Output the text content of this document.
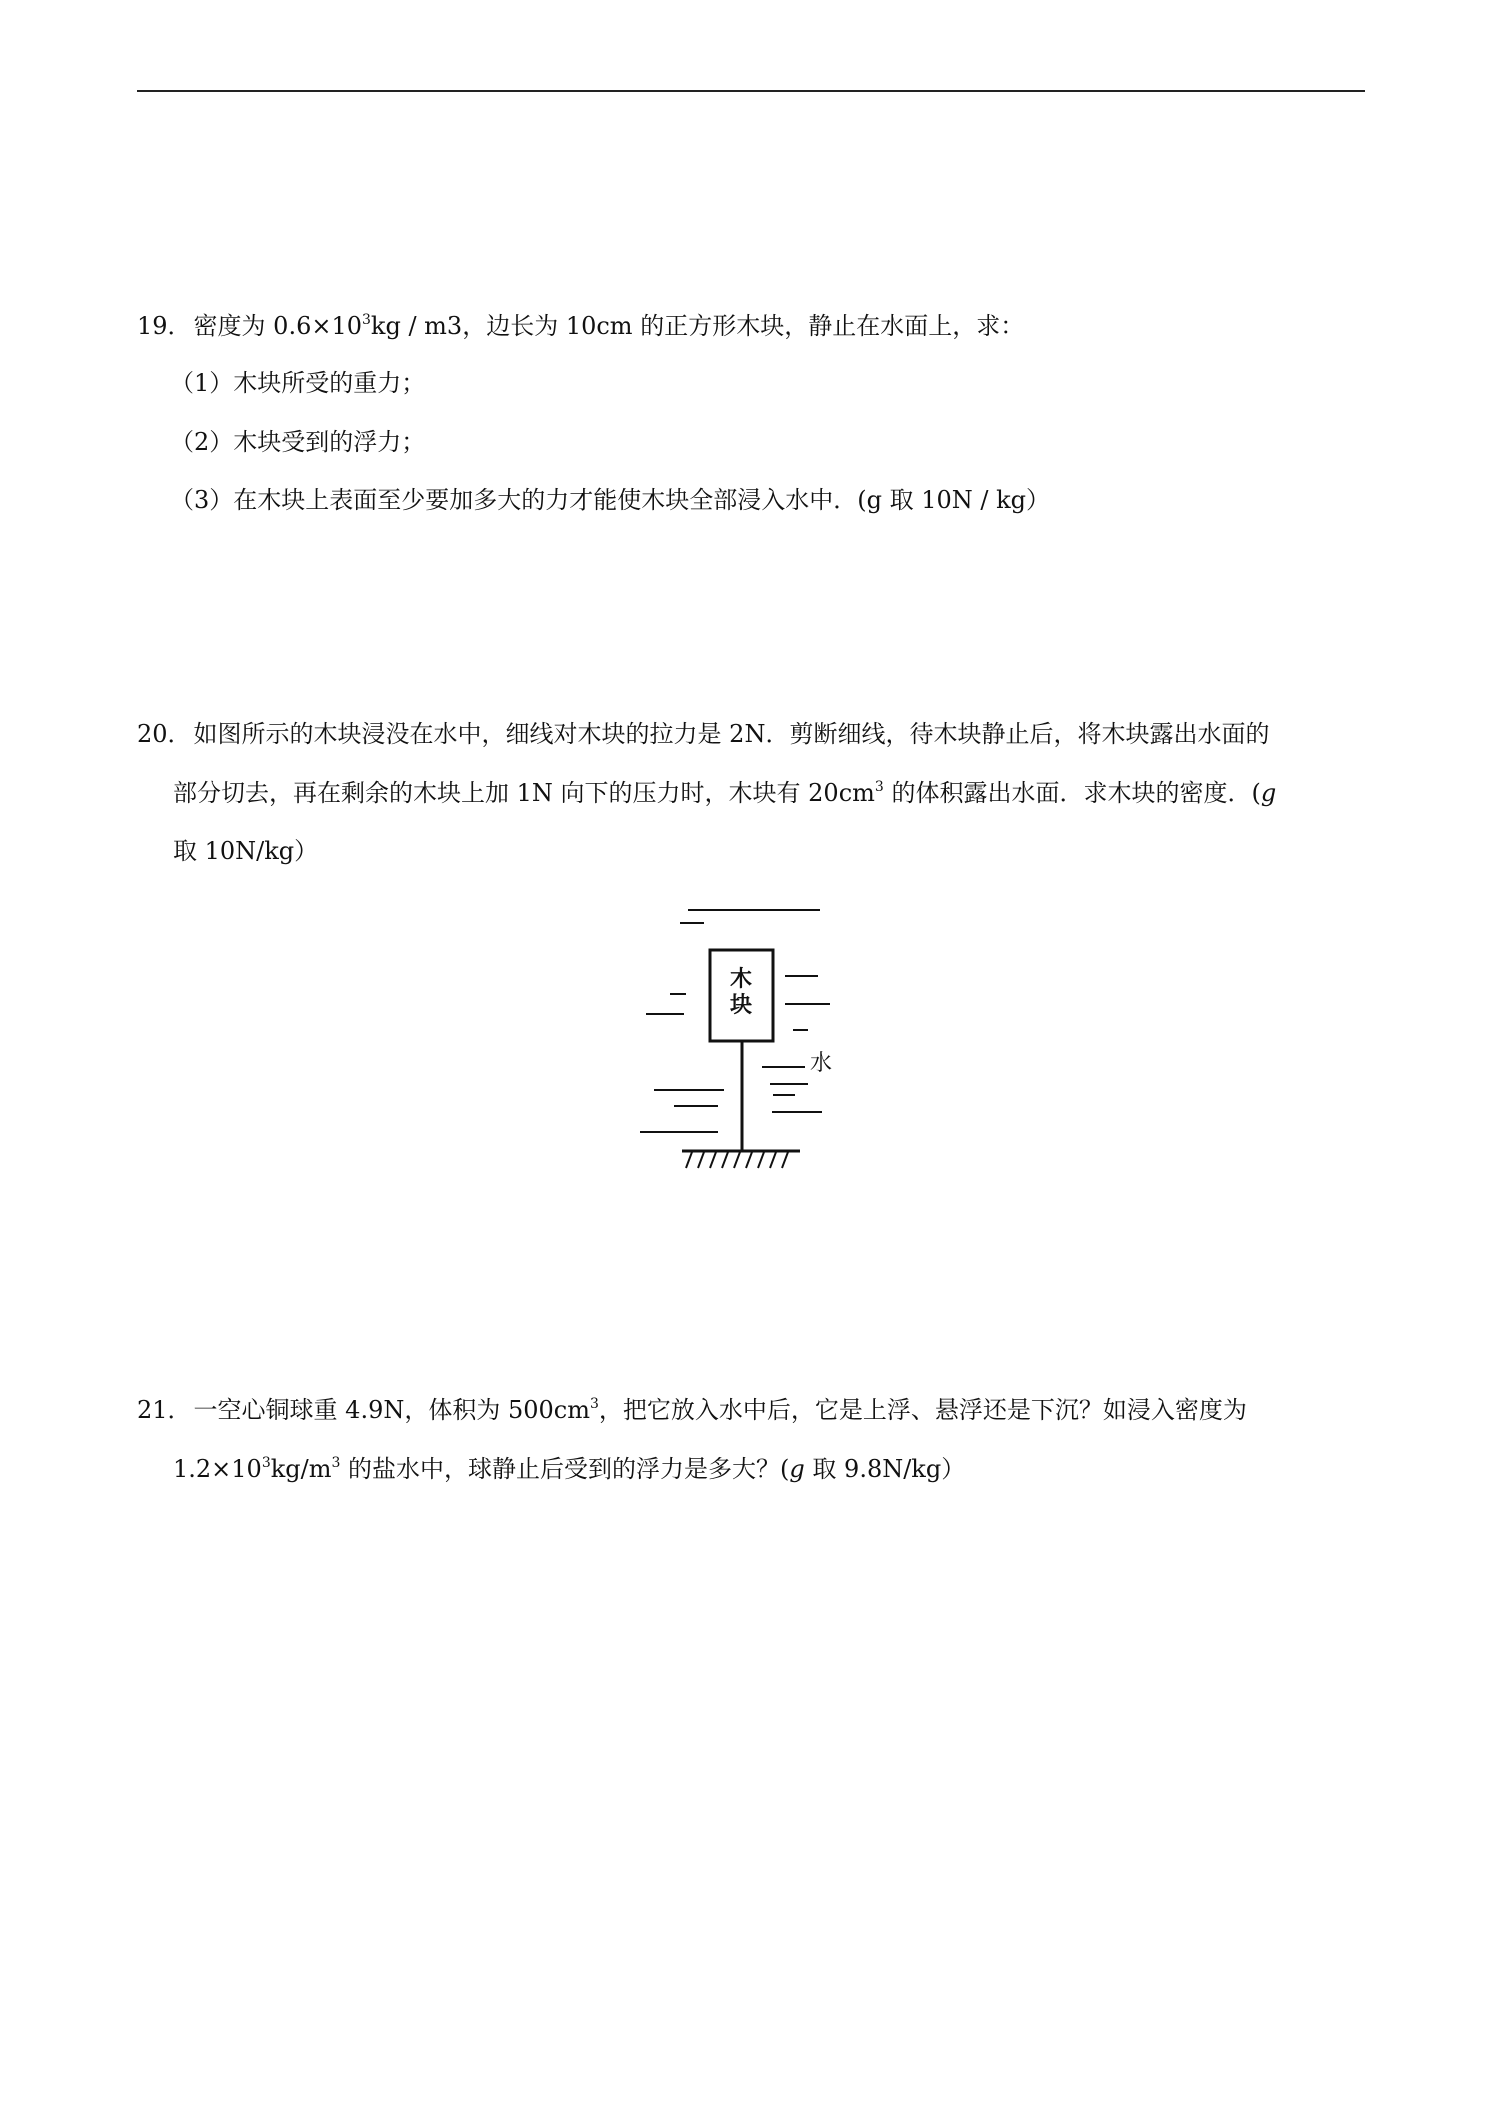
19．密度为 $0.6\times 10^3kg / m3$，边长为 10cm 的正方形木块，静止在水面上，求：
（1）木块所受的重力；
（2）木块受到的浮力；
（3）在木块上表面至少要加多大的力才能使木块全部浸入水中．(g 取 10N / kg）
20．如图所示的木块浸没在水中，细线对木块的拉力是 2N．剪断细线，待木块静止后，将木块露出水面的
部分切去，再在剩余的木块上加 1N 向下的压力时，木块有 $20cm^3$ 的体积露出水面．求木块的密度．(g
取 10N/kg）
木
块
水
21．一空心铜球重 4.9N，体积为 $500cm^3$，把它放入水中后，它是上浮、悬浮还是下沉？如浸入密度为
$1.2\times 10^3kg/m^3$ 的盐水中，球静止后受到的浮力是多大？(g 取 9.8N/kg）
